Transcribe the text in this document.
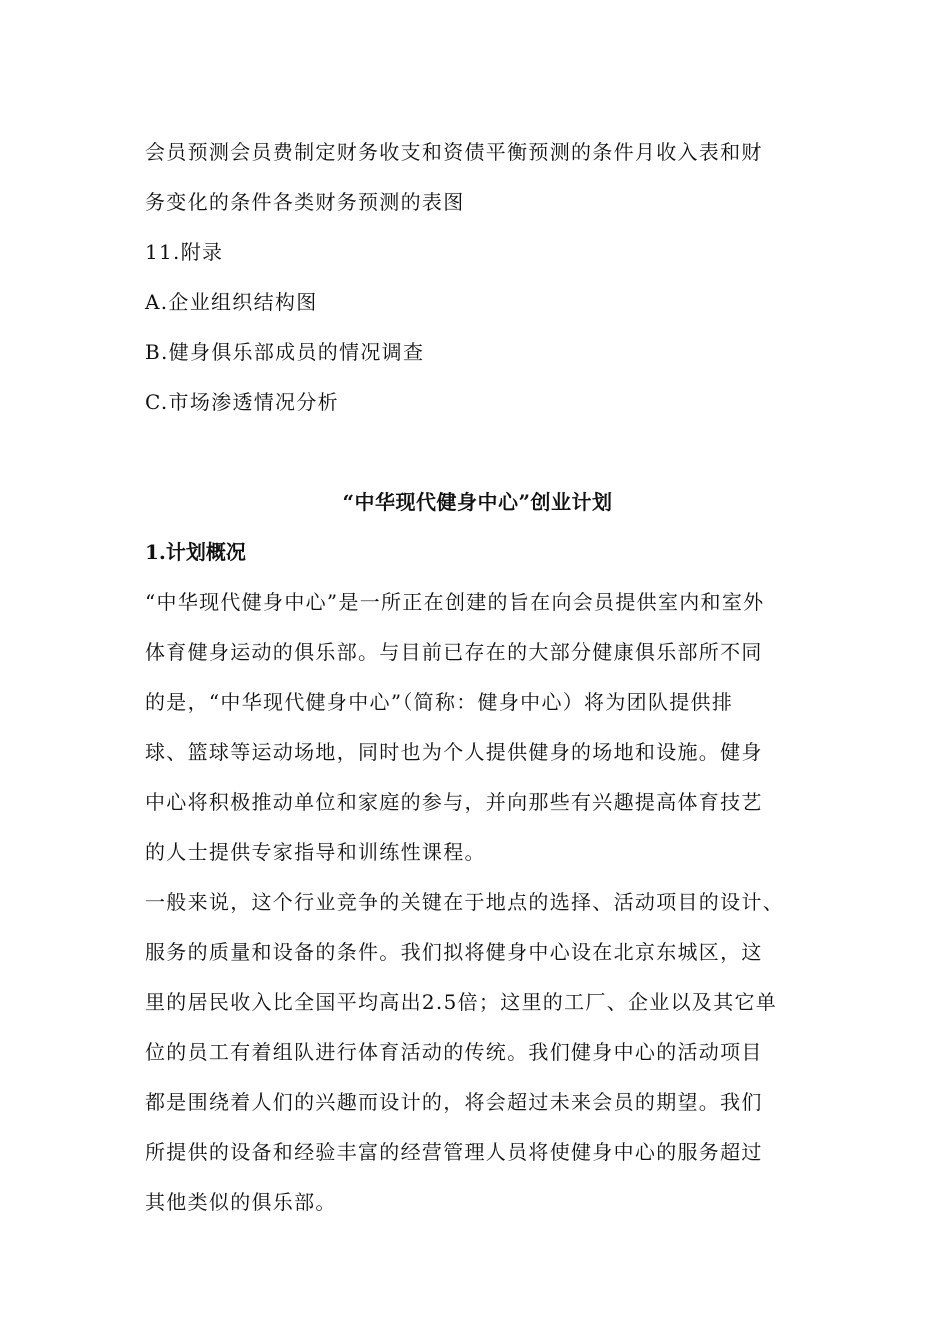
会员预测会员费制定财务收支和资债平衡预测的条件月收入表和财
务变化的条件各类财务预测的表图
11.附录
A.企业组织结构图
B.健身俱乐部成员的情况调查
C.市场渗透情况分析
“中华现代健身中心”创业计划
1.计划概况
“中华现代健身中心”是一所正在创建的旨在向会员提供室内和室外
体育健身运动的俱乐部。与目前已存在的大部分健康俱乐部所不同
的是，“中华现代健身中心”（简称：健身中心）将为团队提供排
球、篮球等运动场地，同时也为个人提供健身的场地和设施。健身
中心将积极推动单位和家庭的参与，并向那些有兴趣提高体育技艺
的人士提供专家指导和训练性课程。
一般来说，这个行业竞争的关键在于地点的选择、活动项目的设计、
服务的质量和设备的条件。我们拟将健身中心设在北京东城区，这
里的居民收入比全国平均高出2.5倍；这里的工厂、企业以及其它单
位的员工有着组队进行体育活动的传统。我们健身中心的活动项目
都是围绕着人们的兴趣而设计的，将会超过未来会员的期望。我们
所提供的设备和经验丰富的经营管理人员将使健身中心的服务超过
其他类似的俱乐部。
